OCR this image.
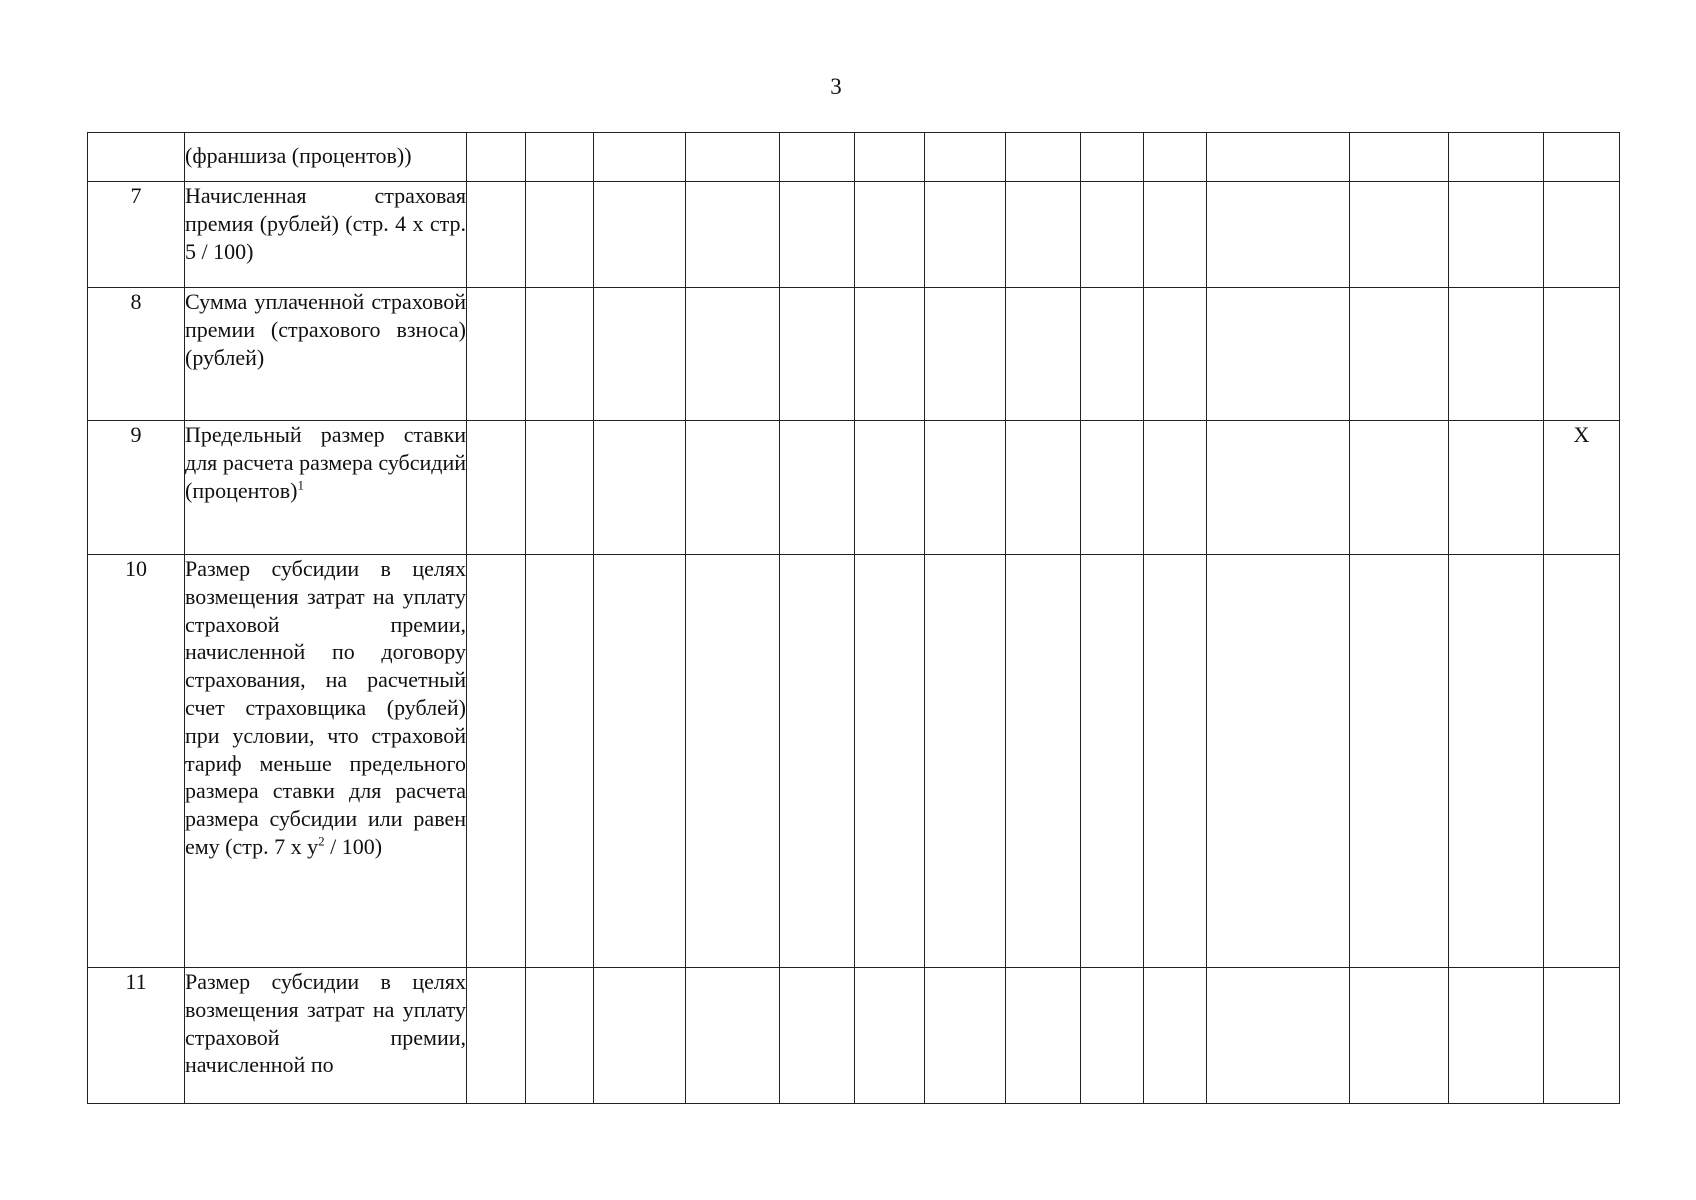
3
	(франшиза (процентов))														
7	Начисленная страховая премия (рублей) (стр. 4 х стр. 5 / 100)														
8	Сумма уплаченной страховой премии (страхового взноса) (рублей)														
9	Предельный размер ставки для расчета размера субсидий (процентов)$^1$														Х
10	Размер субсидии в целях возмещения затрат на уплату страховой премии, начисленной по договору страхования, на расчетный счет страховщика (рублей) при условии, что страховой тариф меньше предельного размера ставки для расчета размера субсидии или равен ему (стр. 7 х $у^2 / 100$)														
11	Размер субсидии в целях возмещения затрат на уплату страховой премии, начисленной по														
